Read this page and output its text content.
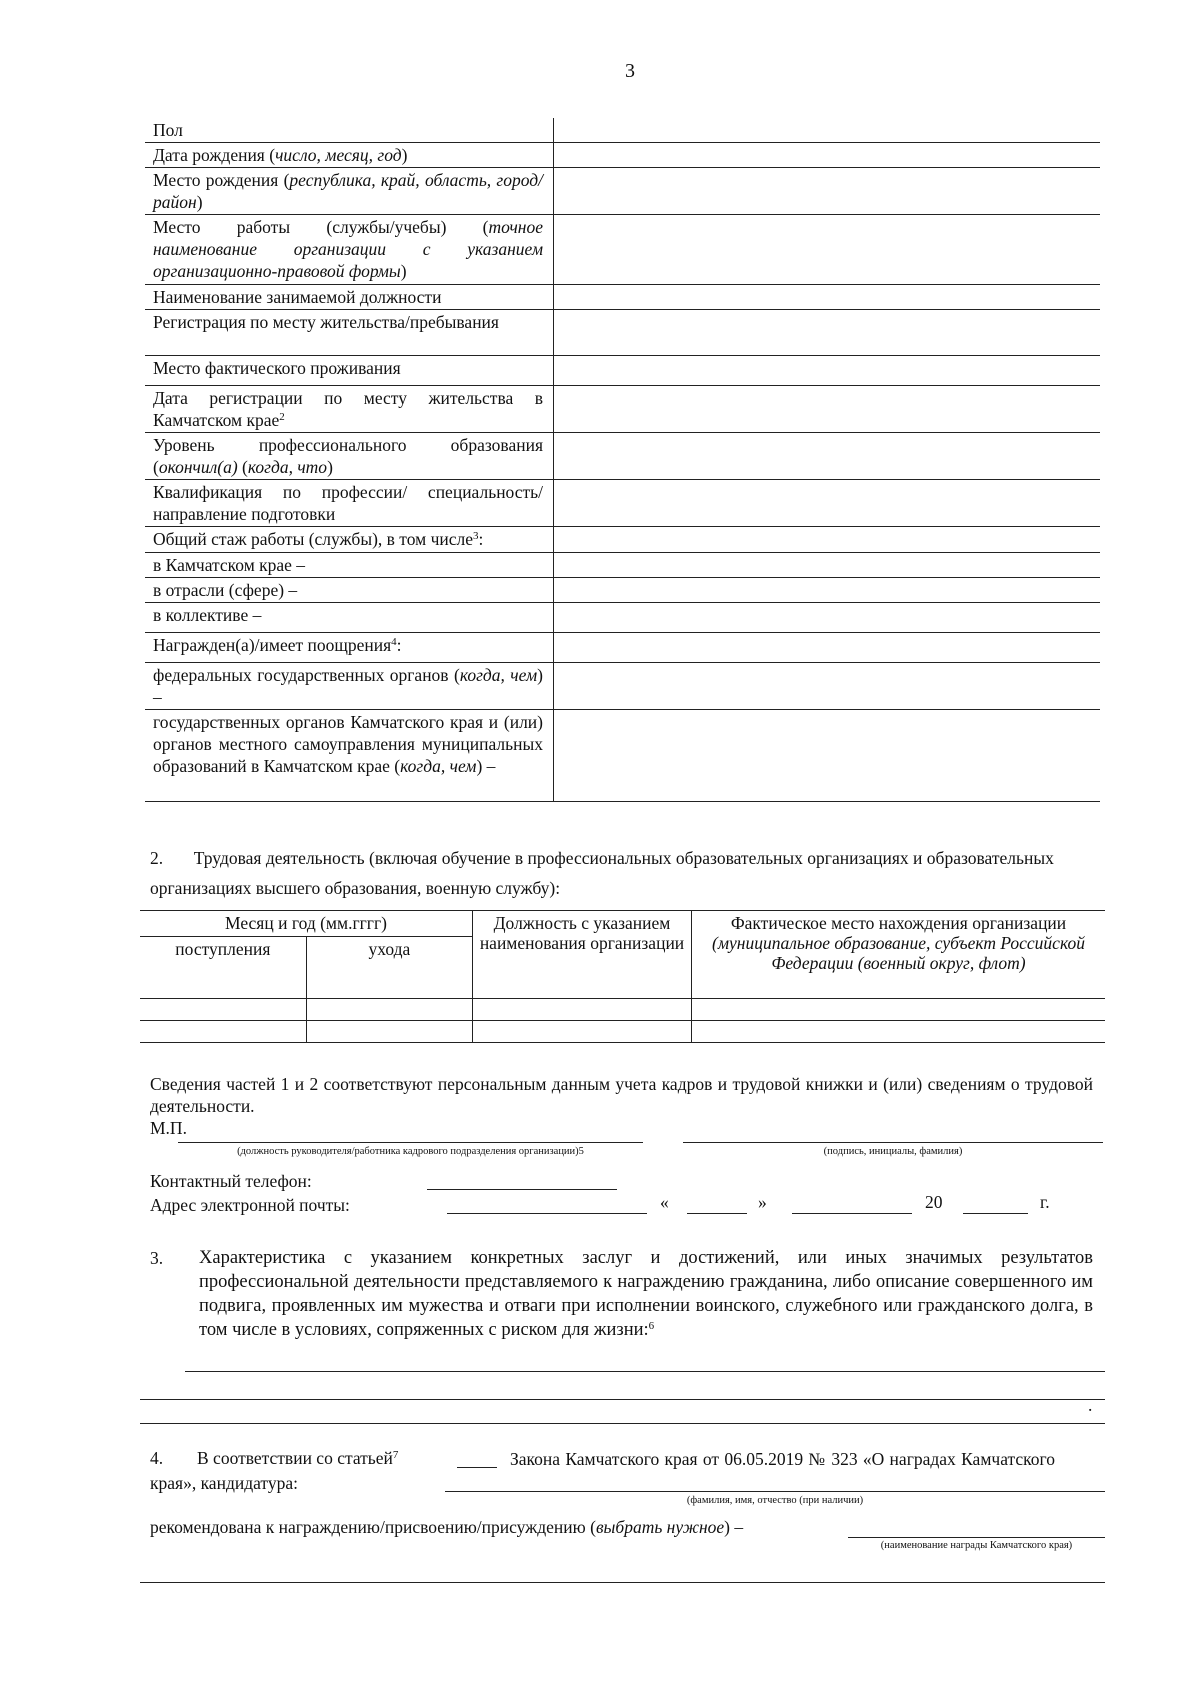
3
Пол	
Дата рождения (число, месяц, год)	
Место рождения (республика, край, область, город/район)	
Место работы (службы/учебы) (точное наименование организации с указанием организационно-правовой формы)	
Наименование занимаемой должности	
Регистрация по месту жительства/пребывания	
Место фактического проживания	
Дата регистрации по месту жительства в Камчатском крае$^2$	
Уровень профессионального образования (окончил(а) (когда, что)	
Квалификация по профессии/ специальность/направление подготовки	
Общий стаж работы (службы), в том числе$^3$:	
в Камчатском крае –	
в отрасли (сфере) –	
в коллективе –	
Награжден(а)/имеет поощрения$^4$:	
федеральных государственных органов (когда, чем) –	
государственных органов Камчатского края и (или) органов местного самоуправления муниципальных образований в Камчатском крае (когда, чем) –	
2. Трудовая деятельность (включая обучение в профессиональных образовательных организациях и образовательных организациях высшего образования, военную службу):
Месяц и год (мм.гггг)		Должность с указанием наименования организации	Фактическое место нахождения организации
(муниципальное образование, субъект Российской Федерации (военный округ, флот)
поступления	ухода		

Сведения частей 1 и 2 соответствуют персональным данным учета кадров и трудовой книжки и (или) сведениям о трудовой деятельности.
М.П.
(должность руководителя/работника кадрового подразделения организации)5	(подпись, инициалы, фамилия)
Контактный телефон:
Адрес электронной почты:	«	»	20	г.
3. Характеристика с указанием конкретных заслуг и достижений, или иных значимых результатов профессиональной деятельности представляемого к награждению гражданина, либо описание совершенного им подвига, проявленных им мужества и отваги при исполнении воинского, служебного или гражданского долга, в том числе в условиях, сопряженных с риском для жизни:$^6$
.
4. В соответствии со статьей$^7$	Закона Камчатского края от 06.05.2019 № 323 «О наградах Камчатского края», кандидатура:
(фамилия, имя, отчество (при наличии)
рекомендована к награждению/присвоению/присуждению (выбрать нужное) –
(наименование награды Камчатского края)
